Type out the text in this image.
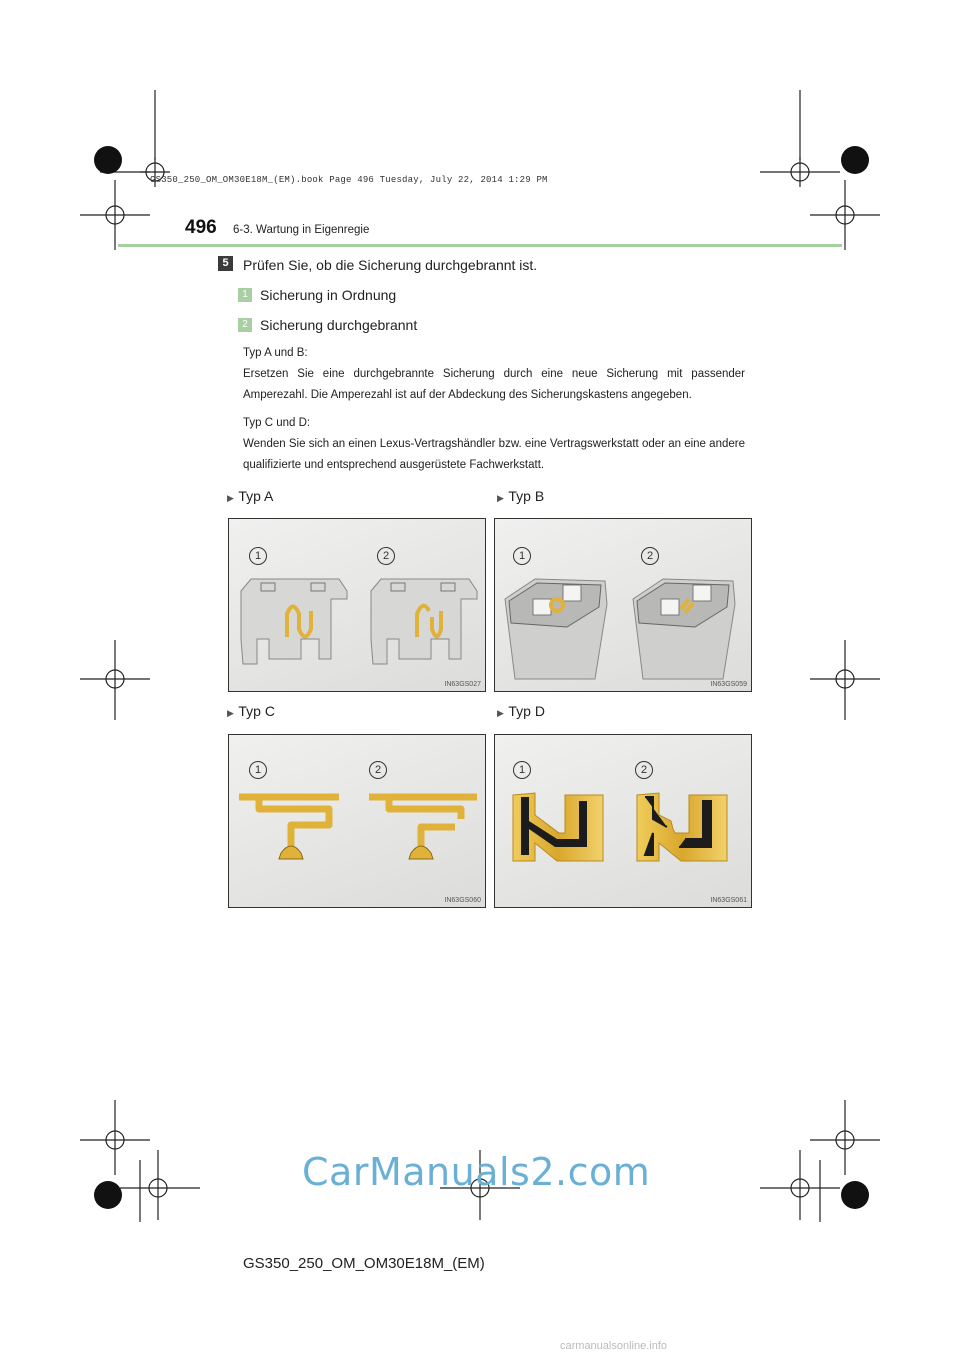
GS350_250_OM_OM30E18M_(EM).book Page 496 Tuesday, July 22, 2014 1:29 PM
496 6-3. Wartung in Eigenregie
5	Prüfen Sie, ob die Sicherung durchgebrannt ist.
1 Sicherung in Ordnung
2 Sicherung durchgebrannt
Typ A und B:
Ersetzen Sie eine durchgebrannte Sicherung durch eine neue Sicherung mit passender Amperezahl. Die Amperezahl ist auf der Abdeckung des Sicherungskastens angegeben.
Typ C und D:
Wenden Sie sich an einen Lexus-Vertragshändler bzw. eine Vertragswerkstatt oder an eine andere qualifizierte und entsprechend ausgerüstete Fachwerkstatt.
▶ Typ A	▶ Typ B
▶ Typ C	▶ Typ D
1	2
IN63GS027
1	2
IN63GS059
1	2
IN63GS060
1	2
IN63GS061
CarManuals2.com
GS350_250_OM_OM30E18M_(EM)
carmanualsonline.info
